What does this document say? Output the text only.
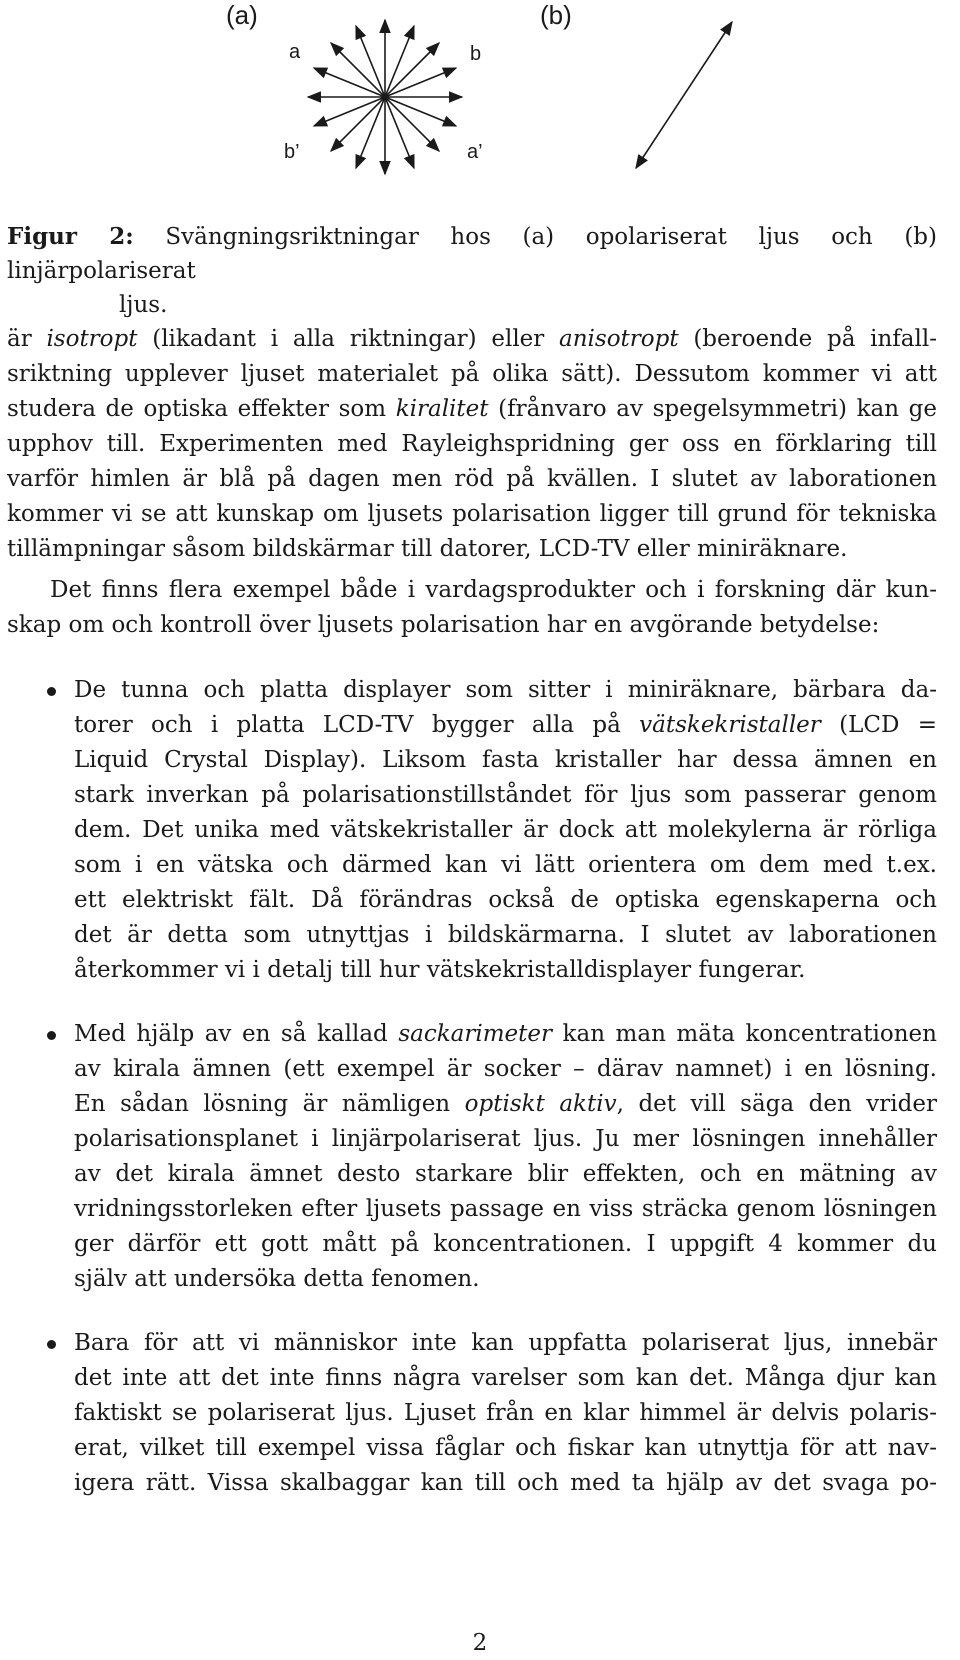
(a)	(b)
a	b
b’	a’
Figur 2: Svängningsriktningar hos (a) opolariserat ljus och (b) linjärpolariserat
ljus.
är isotropt (likadant i alla riktningar) eller anisotropt (beroende på infall-
sriktning upplever ljuset materialet på olika sätt). Dessutom kommer vi att
studera de optiska effekter som kiralitet (frånvaro av spegelsymmetri) kan ge
upphov till. Experimenten med Rayleighspridning ger oss en förklaring till
varför himlen är blå på dagen men röd på kvällen. I slutet av laborationen
kommer vi se att kunskap om ljusets polarisation ligger till grund för tekniska
tillämpningar såsom bildskärmar till datorer, LCD-TV eller miniräknare.
Det finns flera exempel både i vardagsprodukter och i forskning där kun-
skap om och kontroll över ljusets polarisation har en avgörande betydelse:
De tunna och platta displayer som sitter i miniräknare, bärbara da-
torer och i platta LCD-TV bygger alla på vätskekristaller (LCD =
Liquid Crystal Display). Liksom fasta kristaller har dessa ämnen en
stark inverkan på polarisationstillståndet för ljus som passerar genom
dem. Det unika med vätskekristaller är dock att molekylerna är rörliga
som i en vätska och därmed kan vi lätt orientera om dem med t.ex.
ett elektriskt fält. Då förändras också de optiska egenskaperna och
det är detta som utnyttjas i bildskärmarna. I slutet av laborationen
återkommer vi i detalj till hur vätskekristalldisplayer fungerar.
Med hjälp av en så kallad sackarimeter kan man mäta koncentrationen
av kirala ämnen (ett exempel är socker – därav namnet) i en lösning.
En sådan lösning är nämligen optiskt aktiv, det vill säga den vrider
polarisationsplanet i linjärpolariserat ljus. Ju mer lösningen innehåller
av det kirala ämnet desto starkare blir effekten, och en mätning av
vridningsstorleken efter ljusets passage en viss sträcka genom lösningen
ger därför ett gott mått på koncentrationen. I uppgift 4 kommer du
själv att undersöka detta fenomen.
Bara för att vi människor inte kan uppfatta polariserat ljus, innebär
det inte att det inte finns några varelser som kan det. Många djur kan
faktiskt se polariserat ljus. Ljuset från en klar himmel är delvis polaris-
erat, vilket till exempel vissa fåglar och fiskar kan utnyttja för att nav-
igera rätt. Vissa skalbaggar kan till och med ta hjälp av det svaga po-
2
